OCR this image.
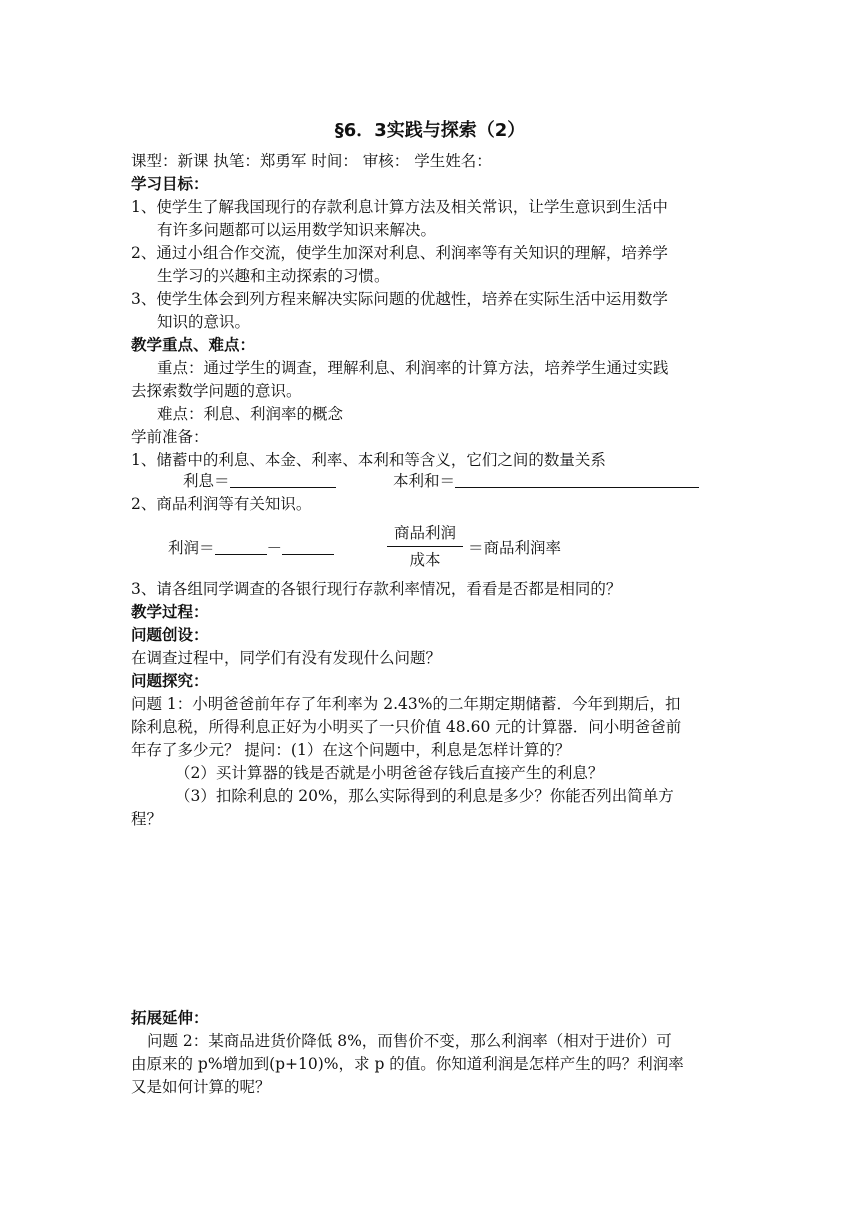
§6．3实践与探索（2）
课型：新课 执笔：郑勇军 时间： 审核： 学生姓名：
学习目标：
1、使学生了解我国现行的存款利息计算方法及相关常识，让学生意识到生活中
有许多问题都可以运用数学知识来解决。
2、通过小组合作交流，使学生加深对利息、利润率等有关知识的理解，培养学
生学习的兴趣和主动探索的习惯。
3、使学生体会到列方程来解决实际问题的优越性，培养在实际生活中运用数学
知识的意识。
教学重点、难点：
重点：通过学生的调查，理解利息、利润率的计算方法，培养学生通过实践
去探索数学问题的意识。
难点：利息、利润率的概念
学前准备：
1、储蓄中的利息、本金、利率、本利和等含义，它们之间的数量关系
利息＝	本利和＝
2、商品利润等有关知识。
利润＝	－
商品利润
成本
＝商品利润率
3、请各组同学调查的各银行现行存款利率情况，看看是否都是相同的？
教学过程：
问题创设：
在调查过程中，同学们有没有发现什么问题？
问题探究：
问题 1：小明爸爸前年存了年利率为 2.43%的二年期定期储蓄．今年到期后，扣
除利息税，所得利息正好为小明买了一只价值 48.60 元的计算器．问小明爸爸前
年存了多少元？ 提问：(1）在这个问题中，利息是怎样计算的？
（2）买计算器的钱是否就是小明爸爸存钱后直接产生的利息？
（3）扣除利息的 20%，那么实际得到的利息是多少？你能否列出简单方
程？
拓展延伸：
问题 2：某商品进货价降低 8%，而售价不变，那么利润率（相对于进价）可
由原来的 p%增加到(p+10)%，求 p 的值。你知道利润是怎样产生的吗？利润率
又是如何计算的呢？
